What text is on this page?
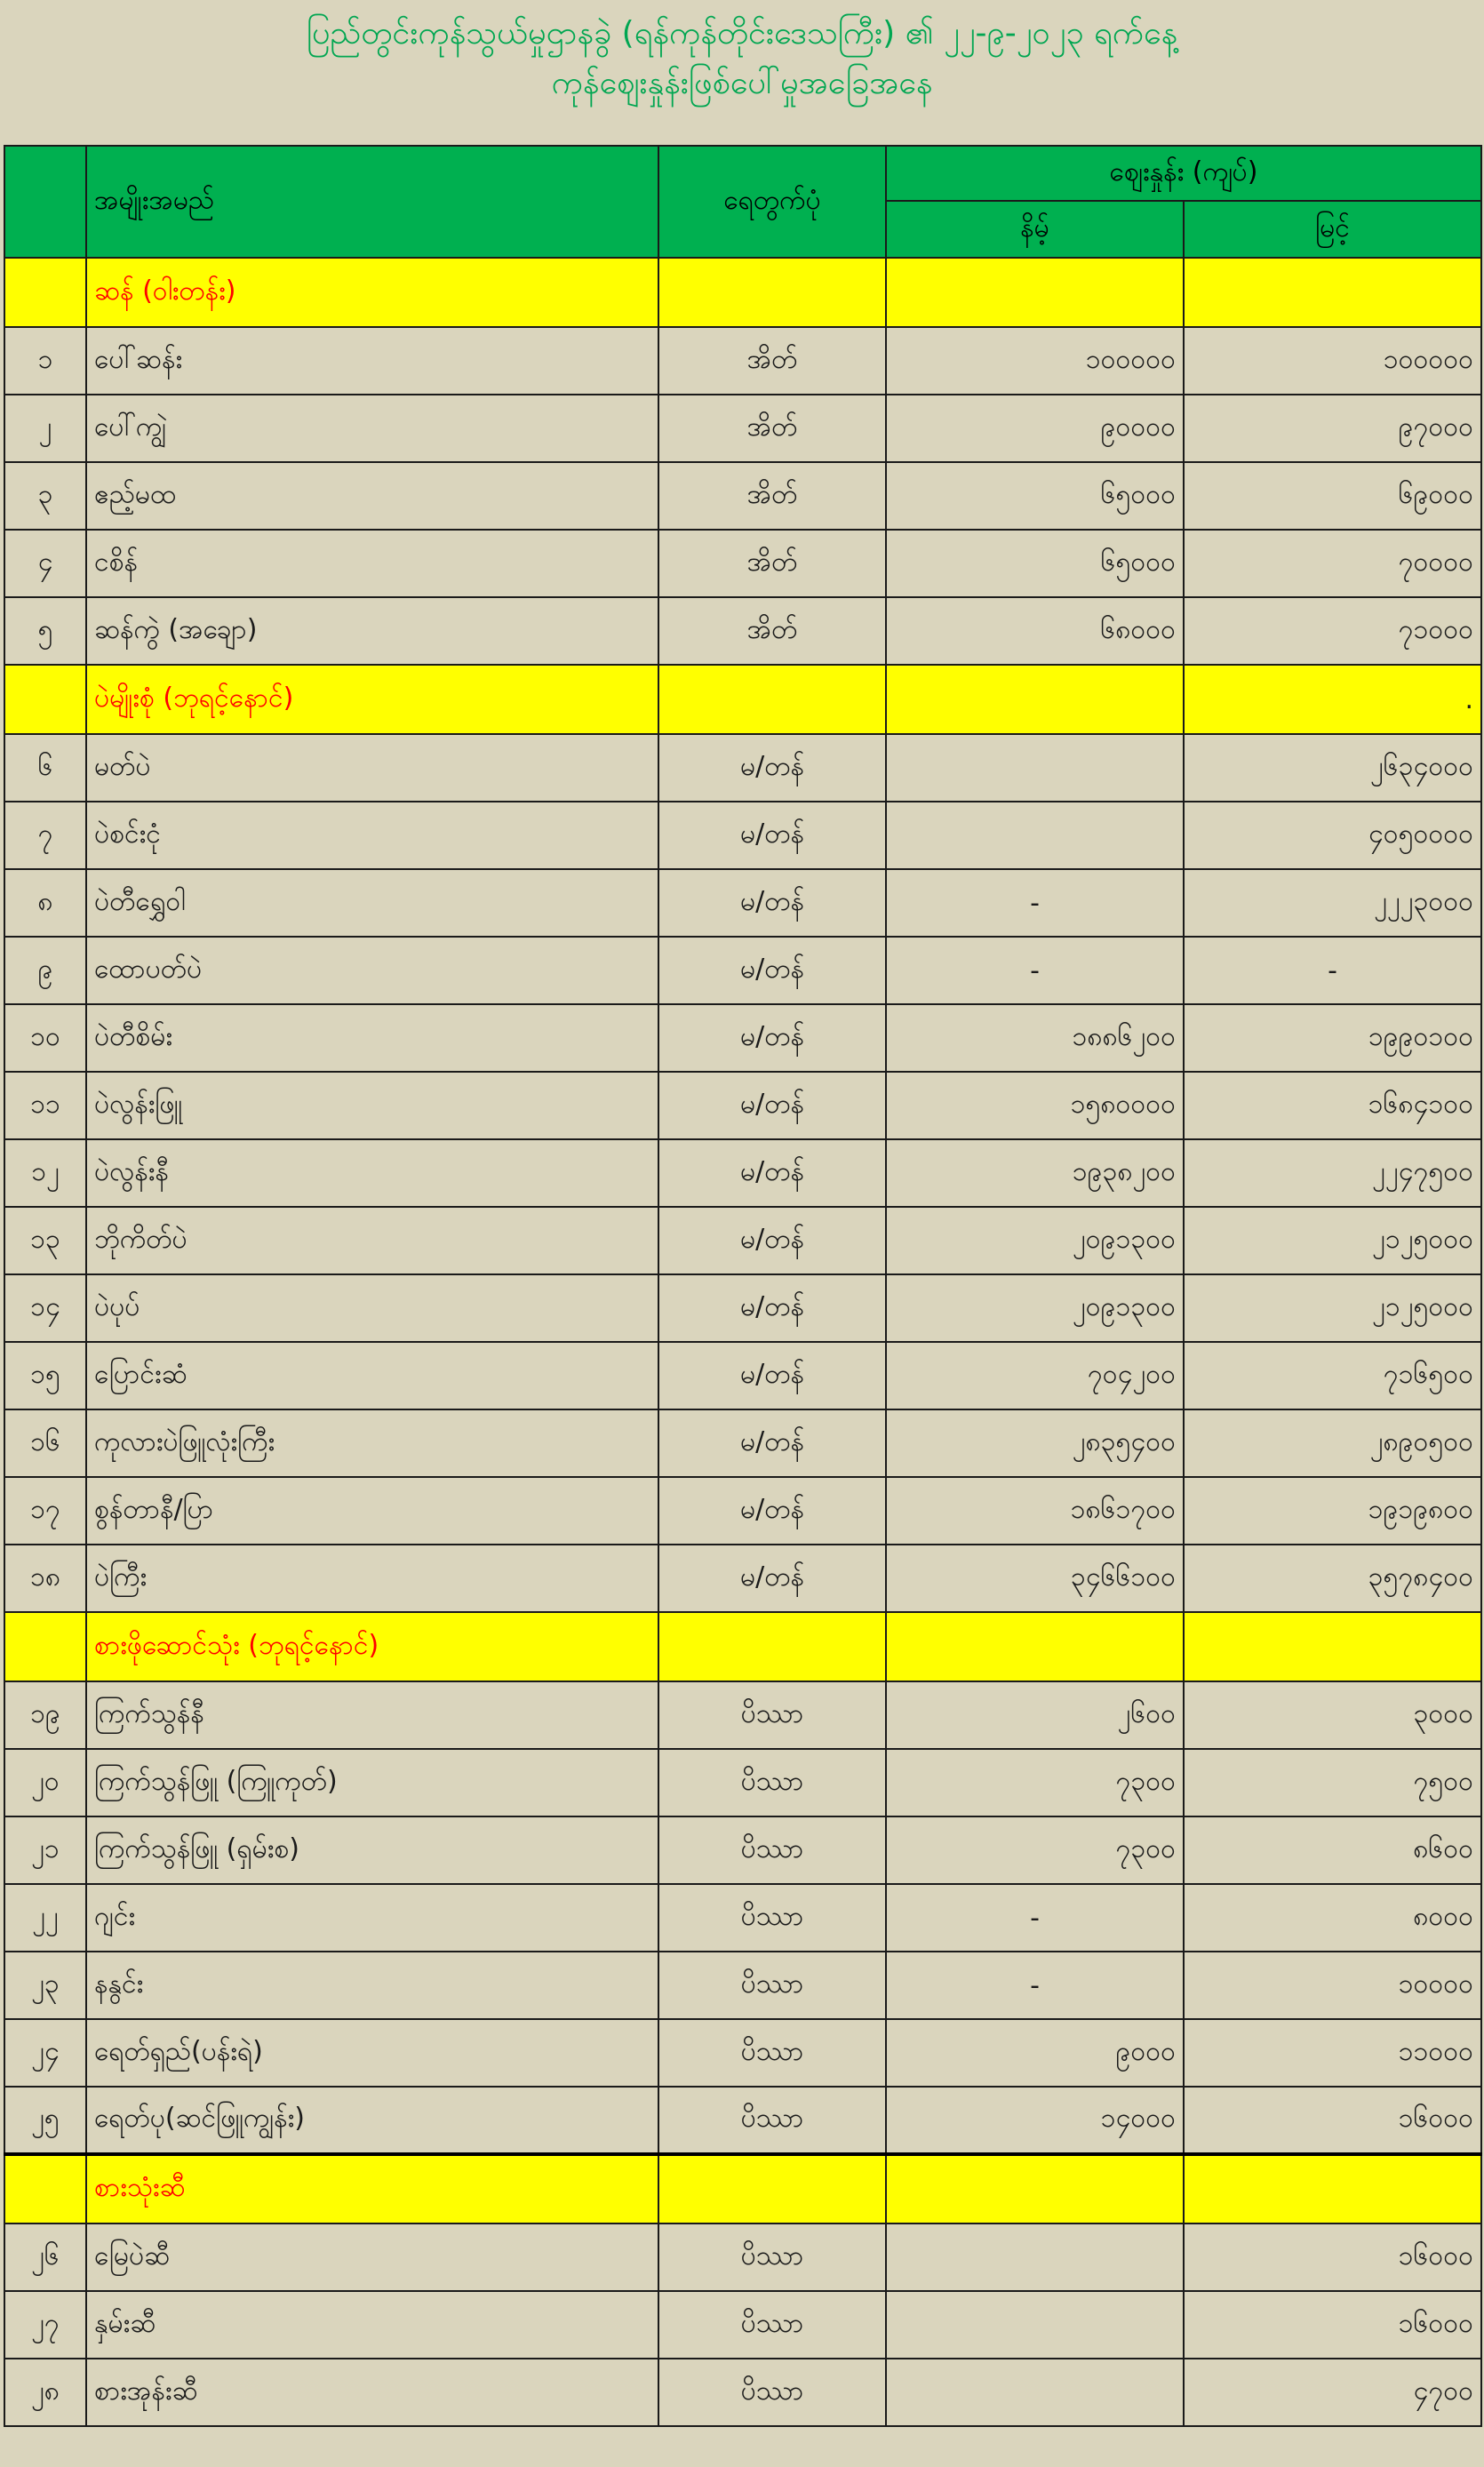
ပြည်တွင်းကုန်သွယ်မှုဌာနခွဲ (ရန်ကုန်တိုင်းဒေသကြီး) ၏ ၂၂-၉-၂၀၂၃ ရက်နေ့
ကုန်ဈေးနှုန်းဖြစ်ပေါ်မှုအခြေအနေ
	အမျိုးအမည်	ရေတွက်ပုံ	ဈေးနှုန်း (ကျပ်)	
			နိမ့်	မြင့်
	ဆန် (ဝါးတန်း)			
၁	ပေါ်ဆန်း	အိတ်	၁၀၀၀၀၀	၁၀၀၀၀၀
၂	ပေါ်ကျွဲ	အိတ်	၉၀၀၀၀	၉၇၀၀၀
၃	ဧည့်မထ	အိတ်	၆၅၀၀၀	၆၉၀၀၀
၄	ငစိန်	အိတ်	၆၅၀၀၀	၇၀၀၀၀
၅	ဆန်ကွဲ (အချော)	အိတ်	၆၈၀၀၀	၇၁၀၀၀
	ပဲမျိုးစုံ (ဘုရင့်နောင်)			.
၆	မတ်ပဲ	မ/တန်		၂၆၃၄၀၀၀
၇	ပဲစင်းငုံ	မ/တန်		၄၀၅၀၀၀၀
၈	ပဲတီရွှေဝါ	မ/တန်	-	၂၂၂၃၀၀၀
၉	ထောပတ်ပဲ	မ/တန်	-	-
၁၀	ပဲတီစိမ်း	မ/တန်	၁၈၈၆၂၀၀	၁၉၉၀၁၀၀
၁၁	ပဲလွန်းဖြူ	မ/တန်	၁၅၈၀၀၀၀	၁၆၈၄၁၀၀
၁၂	ပဲလွန်းနီ	မ/တန်	၁၉၃၈၂၀၀	၂၂၄၇၅၀၀
၁၃	ဘိုကိတ်ပဲ	မ/တန်	၂၀၉၁၃၀၀	၂၁၂၅၀၀၀
၁၄	ပဲပုပ်	မ/တန်	၂၀၉၁၃၀၀	၂၁၂၅၀၀၀
၁၅	ပြောင်းဆံ	မ/တန်	၇၀၄၂၀၀	၇၁၆၅၀၀
၁၆	ကုလားပဲဖြူလုံးကြီး	မ/တန်	၂၈၃၅၄၀၀	၂၈၉၀၅၀၀
၁၇	စွန်တာနီ/ပြာ	မ/တန်	၁၈၆၁၇၀၀	၁၉၁၉၈၀၀
၁၈	ပဲကြီး	မ/တန်	၃၄၆၆၁၀၀	၃၅၇၈၄၀၀
	စားဖိုဆောင်သုံး (ဘုရင့်နောင်)			
၁၉	ကြက်သွန်နီ	ပိဿာ	၂၆၀၀	၃၀၀၀
၂၀	ကြက်သွန်ဖြူ (ကြူကုတ်)	ပိဿာ	၇၃၀၀	၇၅၀၀
၂၁	ကြက်သွန်ဖြူ (ရှမ်းစ)	ပိဿာ	၇၃၀၀	၈၆၀၀
၂၂	ဂျင်း	ပိဿာ	-	၈၀၀၀
၂၃	နနွင်း	ပိဿာ	-	၁၀၀၀၀
၂၄	ရေတ်ရှည်(ပန်းရဲ)	ပိဿာ	၉၀၀၀	၁၁၀၀၀
၂၅	ရေတ်ပု(ဆင်ဖြူကျွန်း)	ပိဿာ	၁၄၀၀၀	၁၆၀၀၀
	စားသုံးဆီ			
၂၆	မြေပဲဆီ	ပိဿာ		၁၆၀၀၀
၂၇	နှမ်းဆီ	ပိဿာ		၁၆၀၀၀
၂၈	စားအုန်းဆီ	ပိဿာ		၄၇၀၀
